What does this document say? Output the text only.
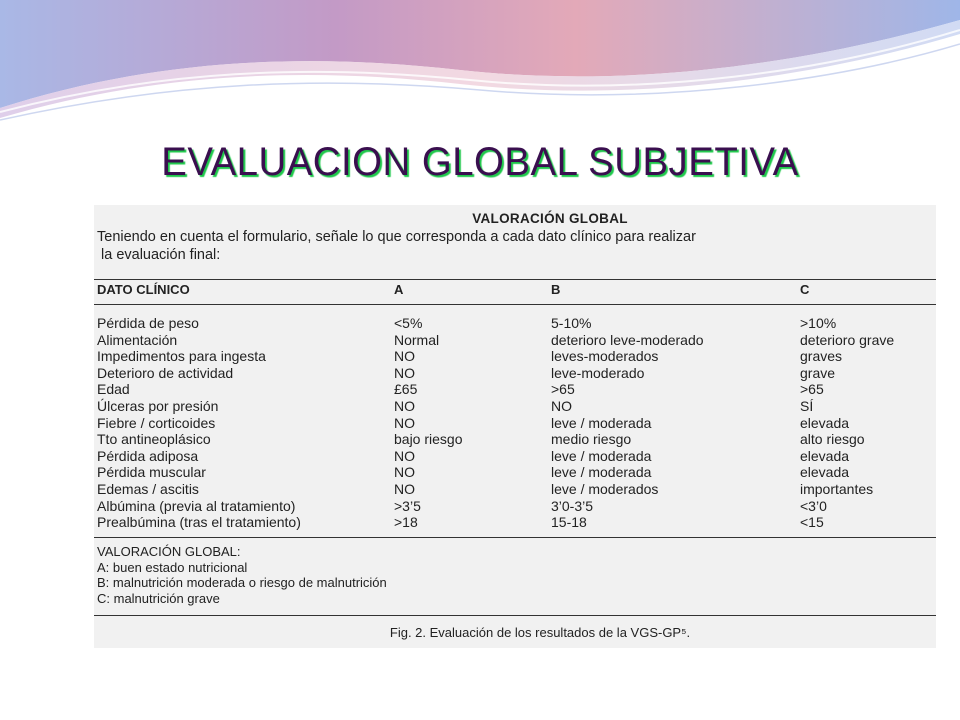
EVALUACION GLOBAL SUBJETIVA
VALORACIÓN GLOBAL
Teniendo en cuenta el formulario, señale lo que corresponda a cada dato clínico para realizar
la evaluación final:
DATO CLÍNICO	A	B	C
Pérdida de peso	<5%	5-10%	>10%
Alimentación	Normal	deterioro leve-moderado	deterioro grave
Impedimentos para ingesta	NO	leves-moderados	graves
Deterioro de actividad	NO	leve-moderado	grave
Edad	£65	>65	>65
Úlceras por presión	NO	NO	SÍ
Fiebre / corticoides	NO	leve / moderada	elevada
Tto antineoplásico	bajo riesgo	medio riesgo	alto riesgo
Pérdida adiposa	NO	leve / moderada	elevada
Pérdida muscular	NO	leve / moderada	elevada
Edemas / ascitis	NO	leve / moderados	importantes
Albúmina (previa al tratamiento)	>3’5	3’0-3’5	<3’0
Prealbúmina (tras el tratamiento)	>18	15-18	<15
VALORACIÓN GLOBAL:
A: buen estado nutricional
B: malnutrición moderada o riesgo de malnutrición
C: malnutrición grave
Fig. 2. Evaluación de los resultados de la VGS-GP⁵.
